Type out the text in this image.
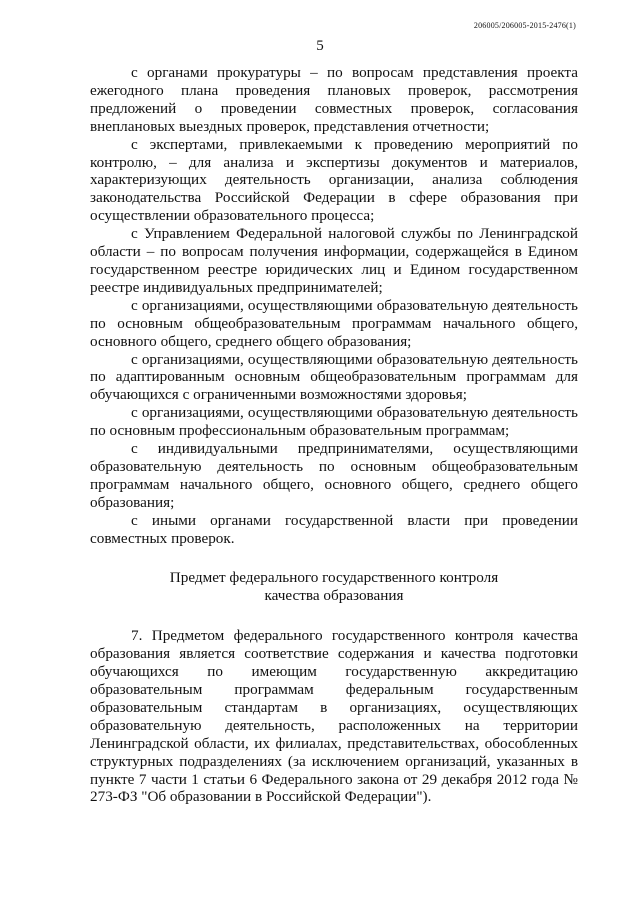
206005/206005-2015-2476(1)
5

с органами прокуратуры – по вопросам представления проекта ежегодного плана проведения плановых проверок, рассмотрения предложений о проведении совместных проверок, согласования внеплановых выездных проверок, представления отчетности;

с экспертами, привлекаемыми к проведению мероприятий по контролю, – для анализа и экспертизы документов и материалов, характеризующих деятельность организации, анализа соблюдения законодательства Российской Федерации в сфере образования при осуществлении образовательного процесса;

с Управлением Федеральной налоговой службы по Ленинградской области – по вопросам получения информации, содержащейся в Едином государственном реестре юридических лиц и Едином государственном реестре индивидуальных предпринимателей;

с организациями, осуществляющими образовательную деятельность по основным общеобразовательным программам начального общего, основного общего, среднего общего образования;

с организациями, осуществляющими образовательную деятельность по адаптированным основным общеобразовательным программам для обучающихся с ограниченными возможностями здоровья;

с организациями, осуществляющими образовательную деятельность по основным профессиональным образовательным программам;

с индивидуальными предпринимателями, осуществляющими образовательную деятельность по основным общеобразовательным программам начального общего, основного общего, среднего общего образования;

с иными органами государственной власти при проведении совместных проверок.

Предмет федерального государственного контроля
качества образования

7. Предметом федерального государственного контроля качества образования является соответствие содержания и качества подготовки обучающихся по имеющим государственную аккредитацию образовательным программам федеральным государственным образовательным стандартам в организациях, осуществляющих образовательную деятельность, расположенных на территории Ленинградской области, их филиалах, представительствах, обособленных структурных подразделениях (за исключением организаций, указанных в пункте 7 части 1 статьи 6 Федерального закона от 29 декабря 2012 года № 273-ФЗ "Об образовании в Российской Федерации").
